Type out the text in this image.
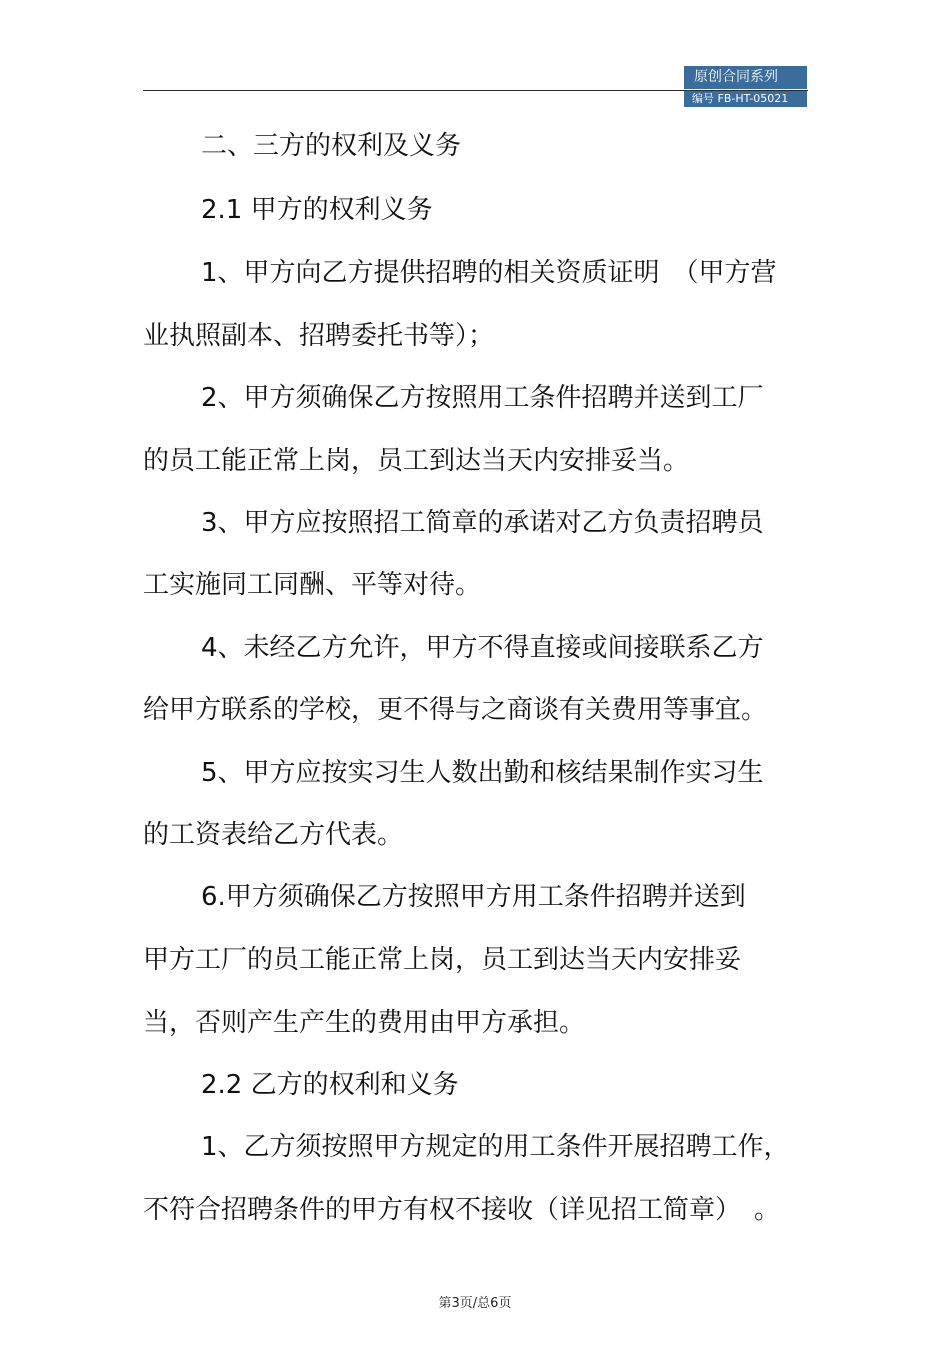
原创合同系列
编号 FB-HT-05021

二、三方的权利及义务

2.1 甲方的权利义务

1、甲方向乙方提供招聘的相关资质证明　（甲方营

业执照副本、招聘委托书等）；

2、甲方须确保乙方按照用工条件招聘并送到工厂

的员工能正常上岗，员工到达当天内安排妥当。

3、甲方应按照招工简章的承诺对乙方负责招聘员

工实施同工同酬、平等对待。

4、未经乙方允许，甲方不得直接或间接联系乙方

给甲方联系的学校，更不得与之商谈有关费用等事宜。

5、甲方应按实习生人数出勤和核结果制作实习生

的工资表给乙方代表。

6.甲方须确保乙方按照甲方用工条件招聘并送到

甲方工厂的员工能正常上岗，员工到达当天内安排妥

当，否则产生产生的费用由甲方承担。

2.2 乙方的权利和义务

1、乙方须按照甲方规定的用工条件开展招聘工作，

不符合招聘条件的甲方有权不接收（详见招工简章）　。

第3页/总6页
